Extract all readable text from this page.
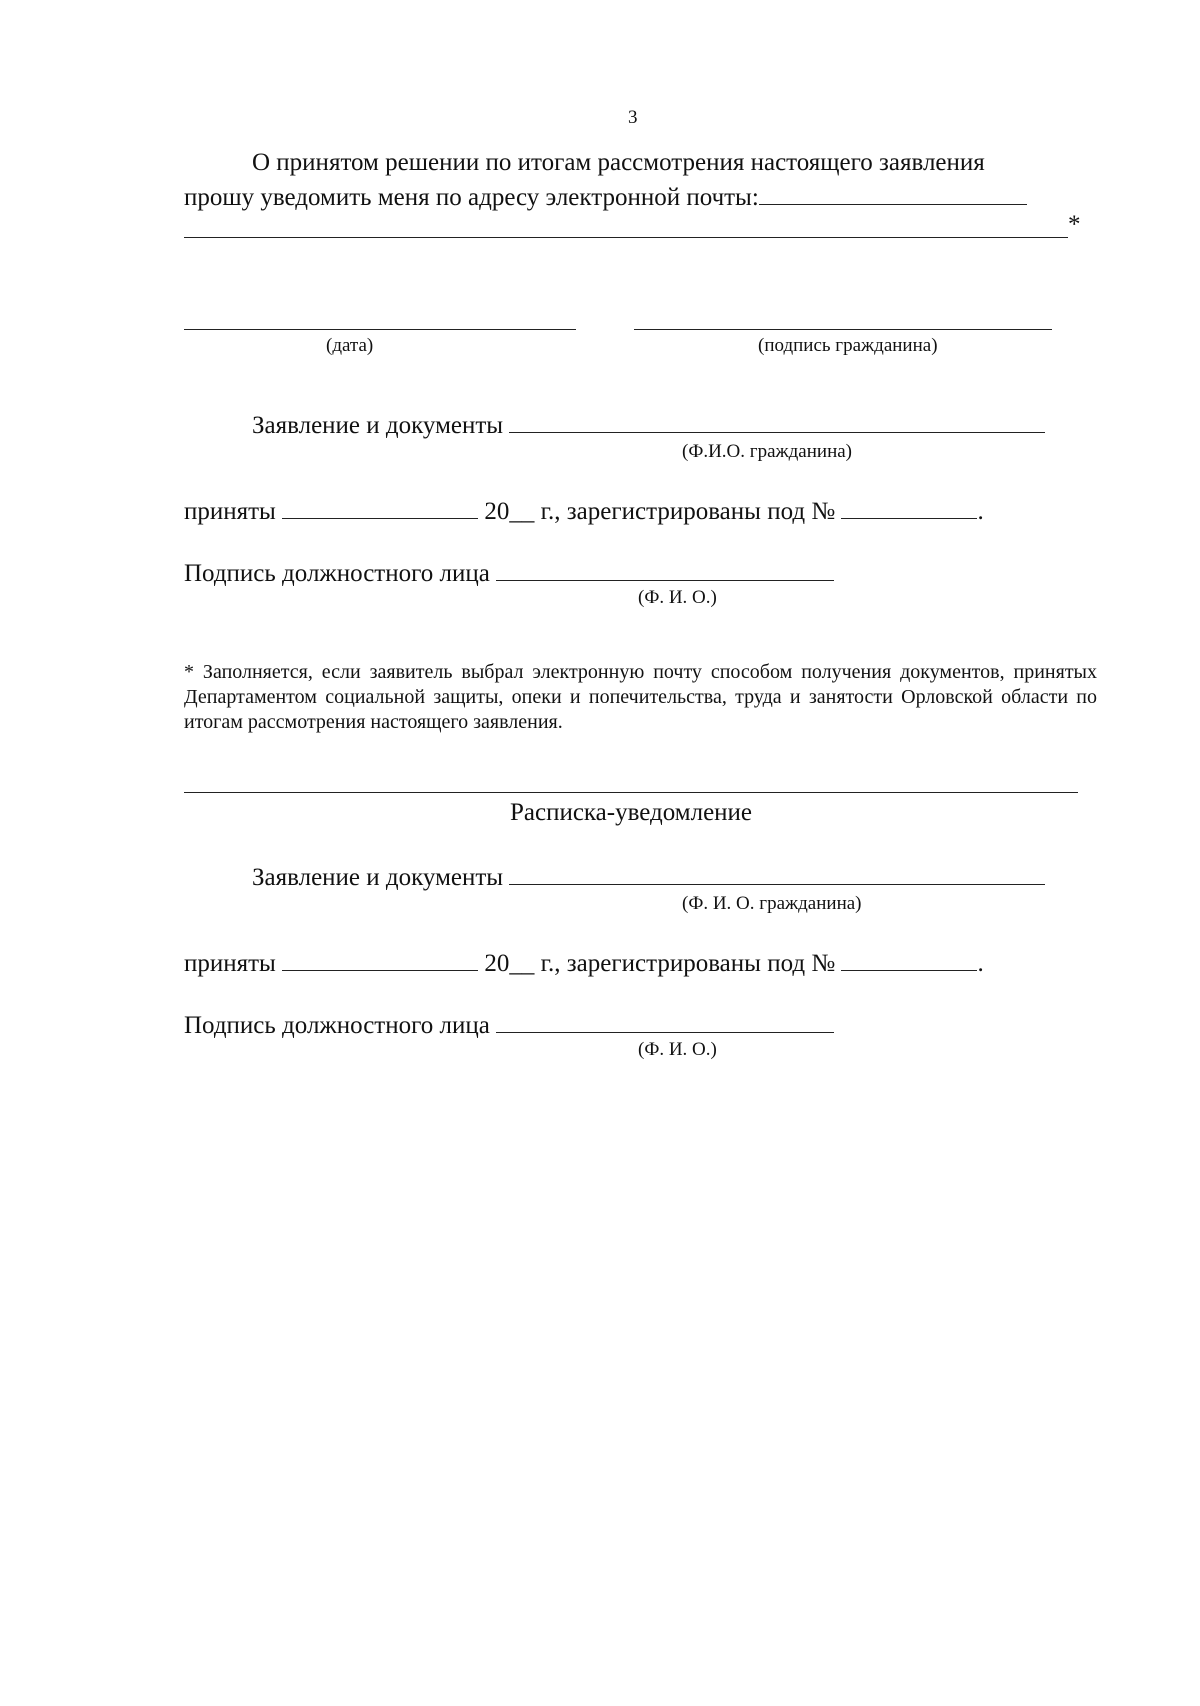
3
О принятом решении по итогам рассмотрения настоящего заявления
прошу уведомить меня по адресу электронной почты:
*
(дата)	(подпись гражданина)
Заявление и документы
(Ф.И.О. гражданина)
приняты	20__ г., зарегистрированы под №	.
Подпись должностного лица
(Ф. И. О.)
* Заполняется, если заявитель выбрал электронную почту способом получения документов, принятых Департаментом социальной защиты, опеки и попечительства, труда и занятости Орловской области по итогам рассмотрения настоящего заявления.
Расписка-уведомление
Заявление и документы
(Ф. И. О. гражданина)
приняты	20__ г., зарегистрированы под №	.
Подпись должностного лица
(Ф. И. О.)
